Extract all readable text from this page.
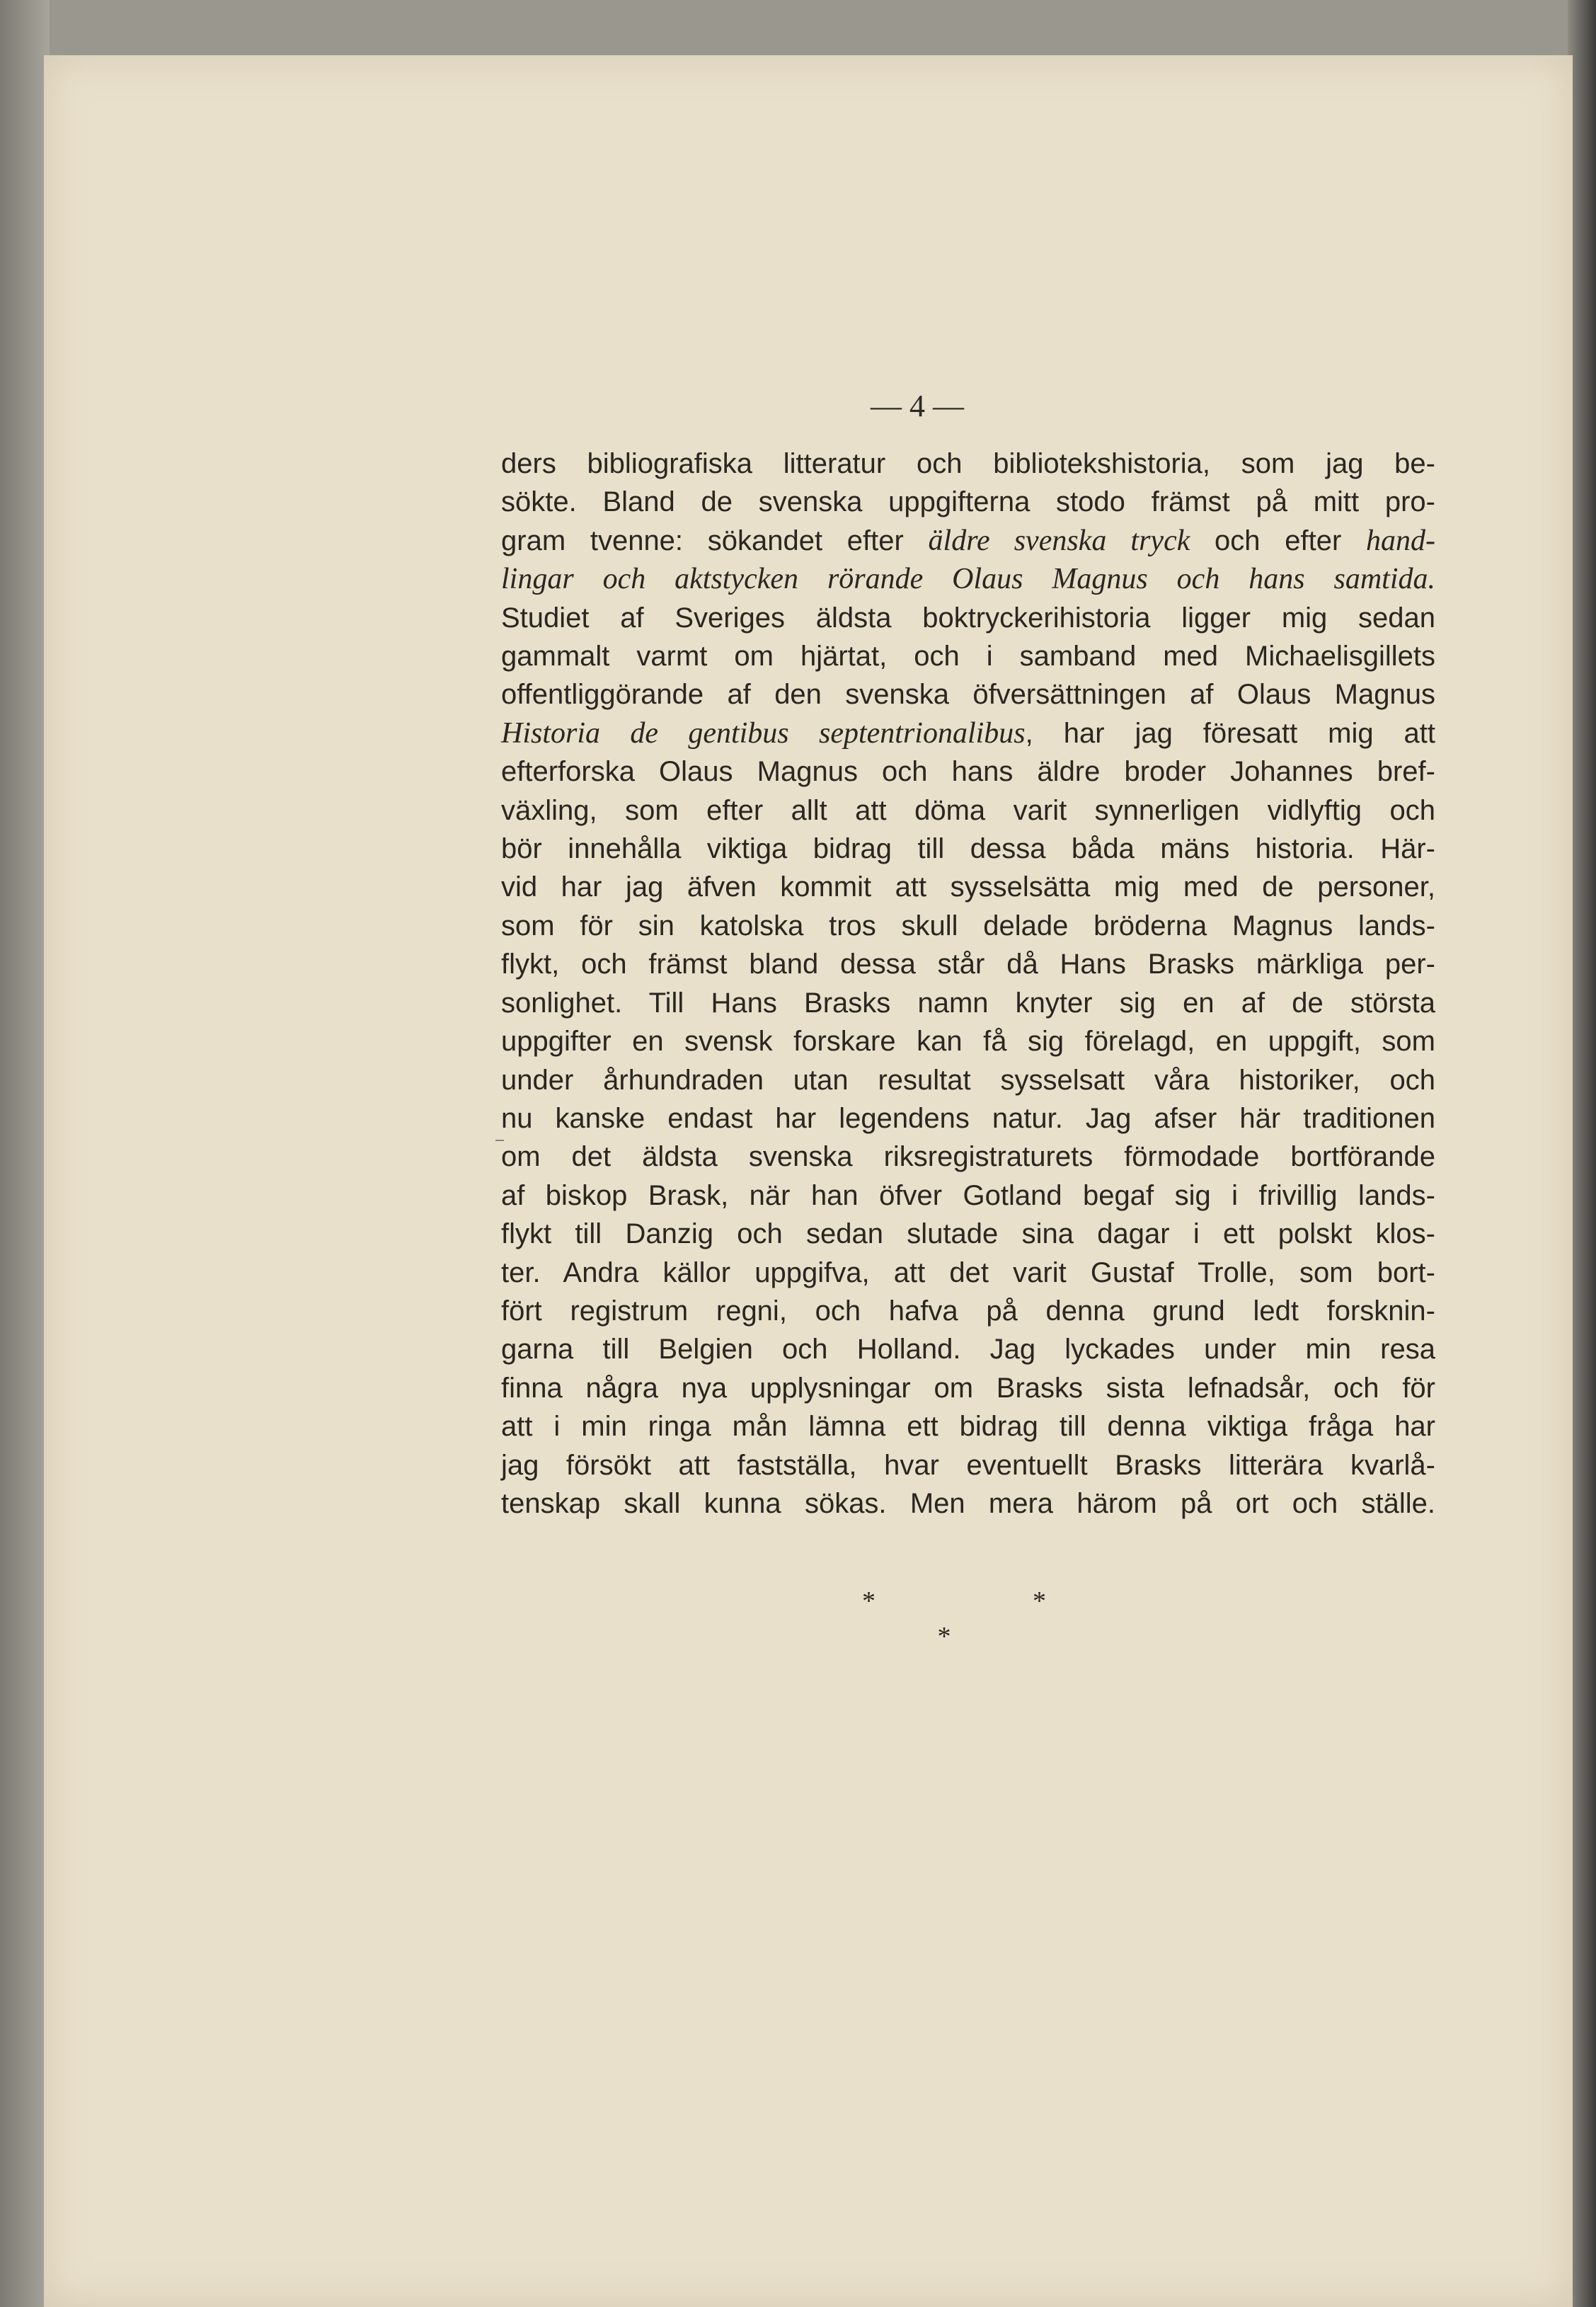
— 4 —
ders bibliografiska litteratur och bibliotekshistoria, som jag be-
sökte. Bland de svenska uppgifterna stodo främst på mitt pro-
gram tvenne: sökandet efter äldre svenska tryck och efter hand-
lingar och aktstycken rörande Olaus Magnus och hans samtida.
Studiet af Sveriges äldsta boktryckerihistoria ligger mig sedan
gammalt varmt om hjärtat, och i samband med Michaelisgillets
offentliggörande af den svenska öfversättningen af Olaus Magnus
Historia de gentibus septentrionalibus, har jag föresatt mig att
efterforska Olaus Magnus och hans äldre broder Johannes bref-
växling, som efter allt att döma varit synnerligen vidlyftig och
bör innehålla viktiga bidrag till dessa båda mäns historia. Här-
vid har jag äfven kommit att sysselsätta mig med de personer,
som för sin katolska tros skull delade bröderna Magnus lands-
flykt, och främst bland dessa står då Hans Brasks märkliga per-
sonlighet. Till Hans Brasks namn knyter sig en af de största
uppgifter en svensk forskare kan få sig förelagd, en uppgift, som
under århundraden utan resultat sysselsatt våra historiker, och
nu kanske endast har legendens natur. Jag afser här traditionen
om det äldsta svenska riksregistraturets förmodade bortförande
af biskop Brask, när han öfver Gotland begaf sig i frivillig lands-
flykt till Danzig och sedan slutade sina dagar i ett polskt klos-
ter. Andra källor uppgifva, att det varit Gustaf Trolle, som bort-
fört registrum regni, och hafva på denna grund ledt forsknin-
garna till Belgien och Holland. Jag lyckades under min resa
finna några nya upplysningar om Brasks sista lefnadsår, och för
att i min ringa mån lämna ett bidrag till denna viktiga fråga har
jag försökt att fastställa, hvar eventuellt Brasks litterära kvarlå-
tenskap skall kunna sökas. Men mera härom på ort och ställe.
*	*
*
